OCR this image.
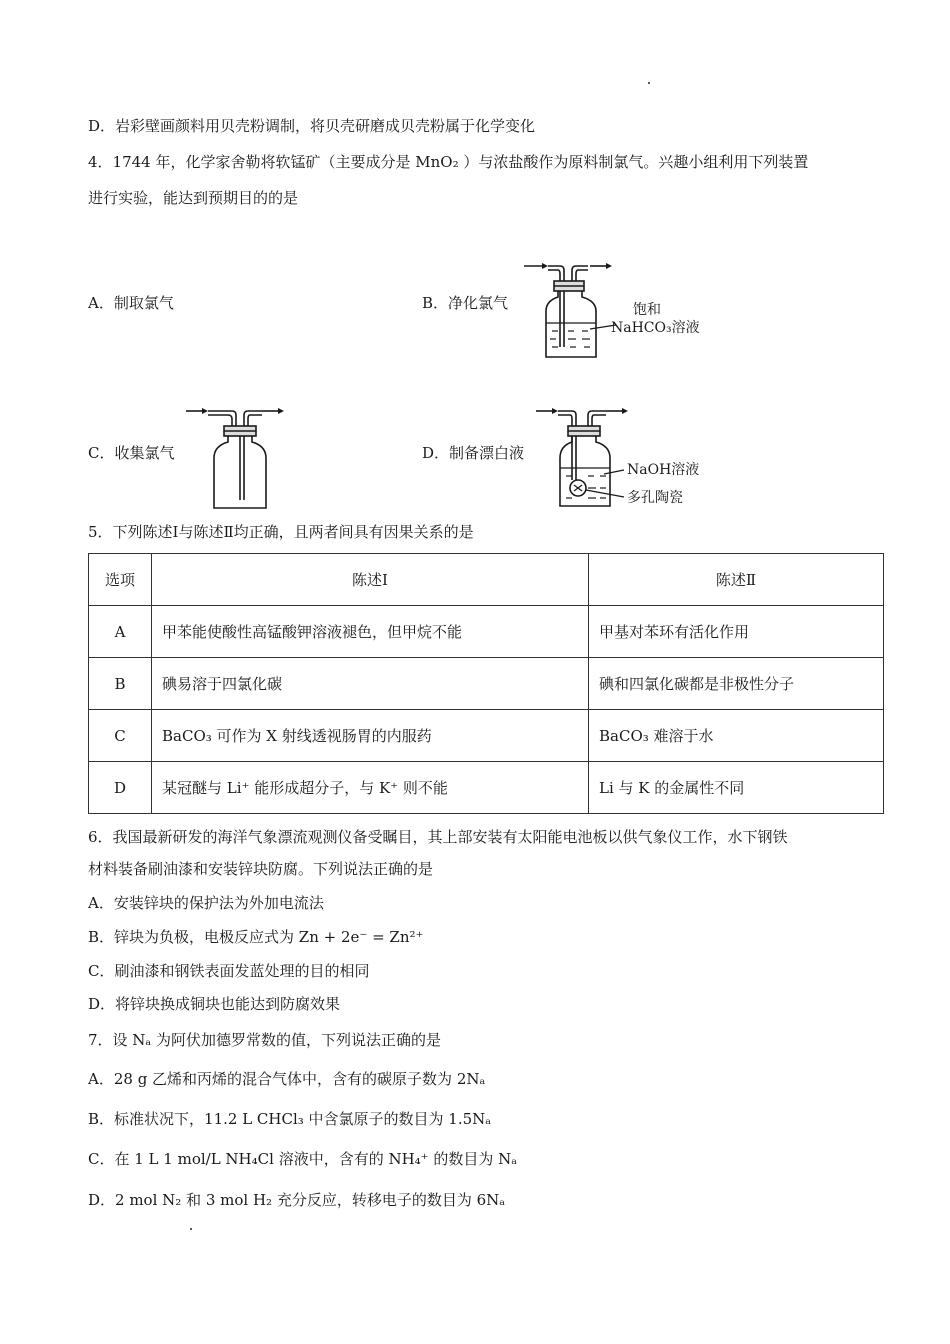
D．岩彩壁画颜料用贝壳粉调制，将贝壳研磨成贝壳粉属于化学变化
4．1744 年，化学家舍勒将软锰矿（主要成分是 MnO₂ ）与浓盐酸作为原料制氯气。兴趣小组利用下列装置
进行实验，能达到预期目的的是
A．制取氯气	B．净化氯气	饱和
NaHCO₃溶液
C．收集氯气	D．制备漂白液
NaOH溶液
多孔陶瓷
5．下列陈述Ⅰ与陈述Ⅱ均正确，且两者间具有因果关系的是
选项	陈述Ⅰ	陈述Ⅱ
A	甲苯能使酸性高锰酸钾溶液褪色，但甲烷不能	甲基对苯环有活化作用
B	碘易溶于四氯化碳	碘和四氯化碳都是非极性分子
C	BaCO₃ 可作为 X 射线透视肠胃的内服药	BaCO₃ 难溶于水
D	某冠醚与 Li⁺ 能形成超分子，与 K⁺ 则不能	Li 与 K 的金属性不同
6．我国最新研发的海洋气象漂流观测仪备受瞩目，其上部安装有太阳能电池板以供气象仪工作，水下钢铁
材料装备刷油漆和安装锌块防腐。下列说法正确的是
A．安装锌块的保护法为外加电流法
B．锌块为负极，电极反应式为 Zn + 2e⁻ = Zn²⁺
C．刷油漆和钢铁表面发蓝处理的目的相同
D．将锌块换成铜块也能达到防腐效果
7．设 Nₐ 为阿伏加德罗常数的值，下列说法正确的是
A．28 g 乙烯和丙烯的混合气体中，含有的碳原子数为 2Nₐ
B．标准状况下，11.2 L CHCl₃ 中含氯原子的数目为 1.5Nₐ
C．在 1 L 1 mol/L NH₄Cl 溶液中，含有的 NH₄⁺ 的数目为 Nₐ
D．2 mol N₂ 和 3 mol H₂ 充分反应，转移电子的数目为 6Nₐ
